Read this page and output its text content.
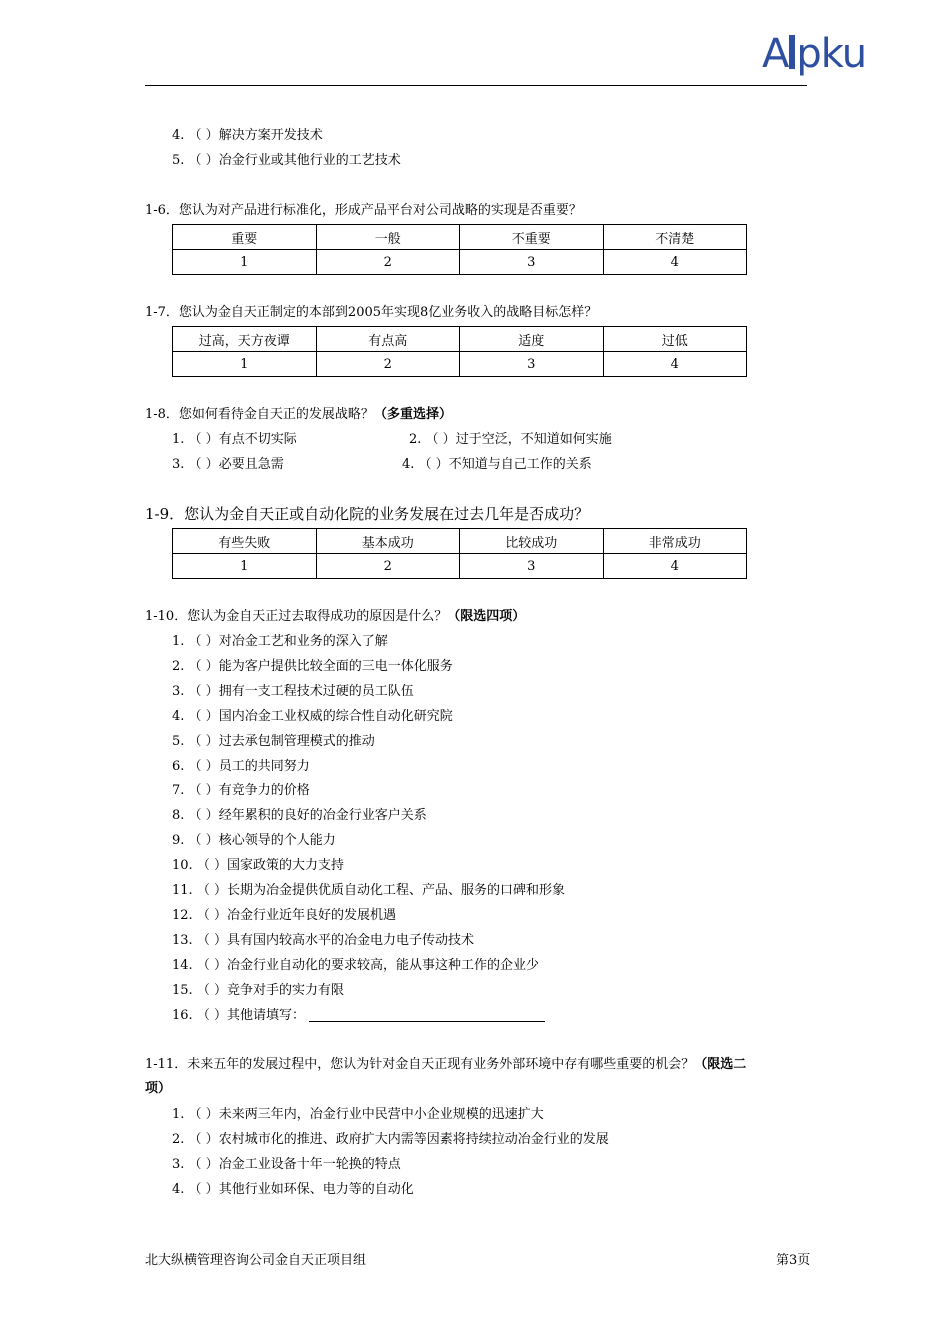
A pku
4. （ ）解决方案开发技术
5. （ ）冶金行业或其他行业的工艺技术
1-6．您认为对产品进行标准化，形成产品平台对公司战略的实现是否重要？
重要	一般	不重要	不清楚
1	2	3	4
1-7．您认为金自天正制定的本部到2005年实现8亿业务收入的战略目标怎样？
过高，天方夜谭	有点高	适度	过低
1	2	3	4
1-8．您如何看待金自天正的发展战略？（多重选择）
1. （ ）有点不切实际	2. （ ）过于空泛，不知道如何实施
3. （ ）必要且急需	4. （ ）不知道与自己工作的关系
1-9．您认为金自天正或自动化院的业务发展在过去几年是否成功？
有些失败	基本成功	比较成功	非常成功
1	2	3	4
1-10．您认为金自天正过去取得成功的原因是什么？（限选四项）
1. （ ）对冶金工艺和业务的深入了解
2. （ ）能为客户提供比较全面的三电一体化服务
3. （ ）拥有一支工程技术过硬的员工队伍
4. （ ）国内冶金工业权威的综合性自动化研究院
5. （ ）过去承包制管理模式的推动
6. （ ）员工的共同努力
7. （ ）有竞争力的价格
8. （ ）经年累积的良好的冶金行业客户关系
9. （ ）核心领导的个人能力
10. （ ）国家政策的大力支持
11. （ ）长期为冶金提供优质自动化工程、产品、服务的口碑和形象
12. （ ）冶金行业近年良好的发展机遇
13. （ ）具有国内较高水平的冶金电力电子传动技术
14. （ ）冶金行业自动化的要求较高，能从事这种工作的企业少
15. （ ）竞争对手的实力有限
16. （ ）其他请填写：
1-11．未来五年的发展过程中，您认为针对金自天正现有业务外部环境中存有哪些重要的机会？（限选二
项）
1. （ ）未来两三年内，冶金行业中民营中小企业规模的迅速扩大
2. （ ）农村城市化的推进、政府扩大内需等因素将持续拉动冶金行业的发展
3. （ ）冶金工业设备十年一轮换的特点
4. （ ）其他行业如环保、电力等的自动化
北大纵横管理咨询公司金自天正项目组	第3页
